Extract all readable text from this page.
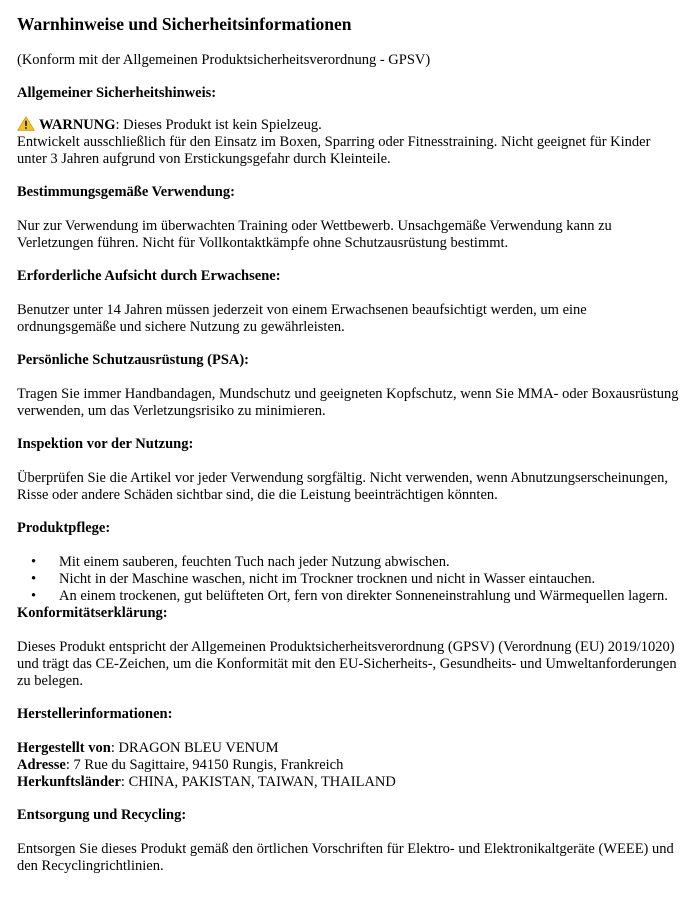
Warnhinweise und Sicherheitsinformationen

(Konform mit der Allgemeinen Produktsicherheitsverordnung - GPSV)

Allgemeiner Sicherheitshinweis:

WARNUNG: Dieses Produkt ist kein Spielzeug.

Entwickelt ausschließlich für den Einsatz im Boxen, Sparring oder Fitnesstraining. Nicht geeignet für Kinder unter 3 Jahren aufgrund von Erstickungsgefahr durch Kleinteile.

Bestimmungsgemäße Verwendung:

Nur zur Verwendung im überwachten Training oder Wettbewerb. Unsachgemäße Verwendung kann zu Verletzungen führen. Nicht für Vollkontaktkämpfe ohne Schutzausrüstung bestimmt.

Erforderliche Aufsicht durch Erwachsene:

Benutzer unter 14 Jahren müssen jederzeit von einem Erwachsenen beaufsichtigt werden, um eine ordnungsgemäße und sichere Nutzung zu gewährleisten.

Persönliche Schutzausrüstung (PSA):

Tragen Sie immer Handbandagen, Mundschutz und geeigneten Kopfschutz, wenn Sie MMA- oder Boxausrüstung verwenden, um das Verletzungsrisiko zu minimieren.

Inspektion vor der Nutzung:

Überprüfen Sie die Artikel vor jeder Verwendung sorgfältig. Nicht verwenden, wenn Abnutzungserscheinungen, Risse oder andere Schäden sichtbar sind, die die Leistung beeinträchtigen könnten.

Produktpflege:
• Mit einem sauberen, feuchten Tuch nach jeder Nutzung abwischen.
• Nicht in der Maschine waschen, nicht im Trockner trocknen und nicht in Wasser eintauchen.
• An einem trockenen, gut belüfteten Ort, fern von direkter Sonneneinstrahlung und Wärmequellen lagern.
Konformitätserklärung:

Dieses Produkt entspricht der Allgemeinen Produktsicherheitsverordnung (GPSV) (Verordnung (EU) 2019/1020) und trägt das CE-Zeichen, um die Konformität mit den EU-Sicherheits-, Gesundheits- und Umweltanforderungen zu belegen.

Herstellerinformationen:

Hergestellt von: DRAGON BLEU VENUM

Adresse: 7 Rue du Sagittaire, 94150 Rungis, Frankreich

Herkunftsländer: CHINA, PAKISTAN, TAIWAN, THAILAND

Entsorgung und Recycling:

Entsorgen Sie dieses Produkt gemäß den örtlichen Vorschriften für Elektro- und Elektronikaltgeräte (WEEE) und den Recyclingrichtlinien.
